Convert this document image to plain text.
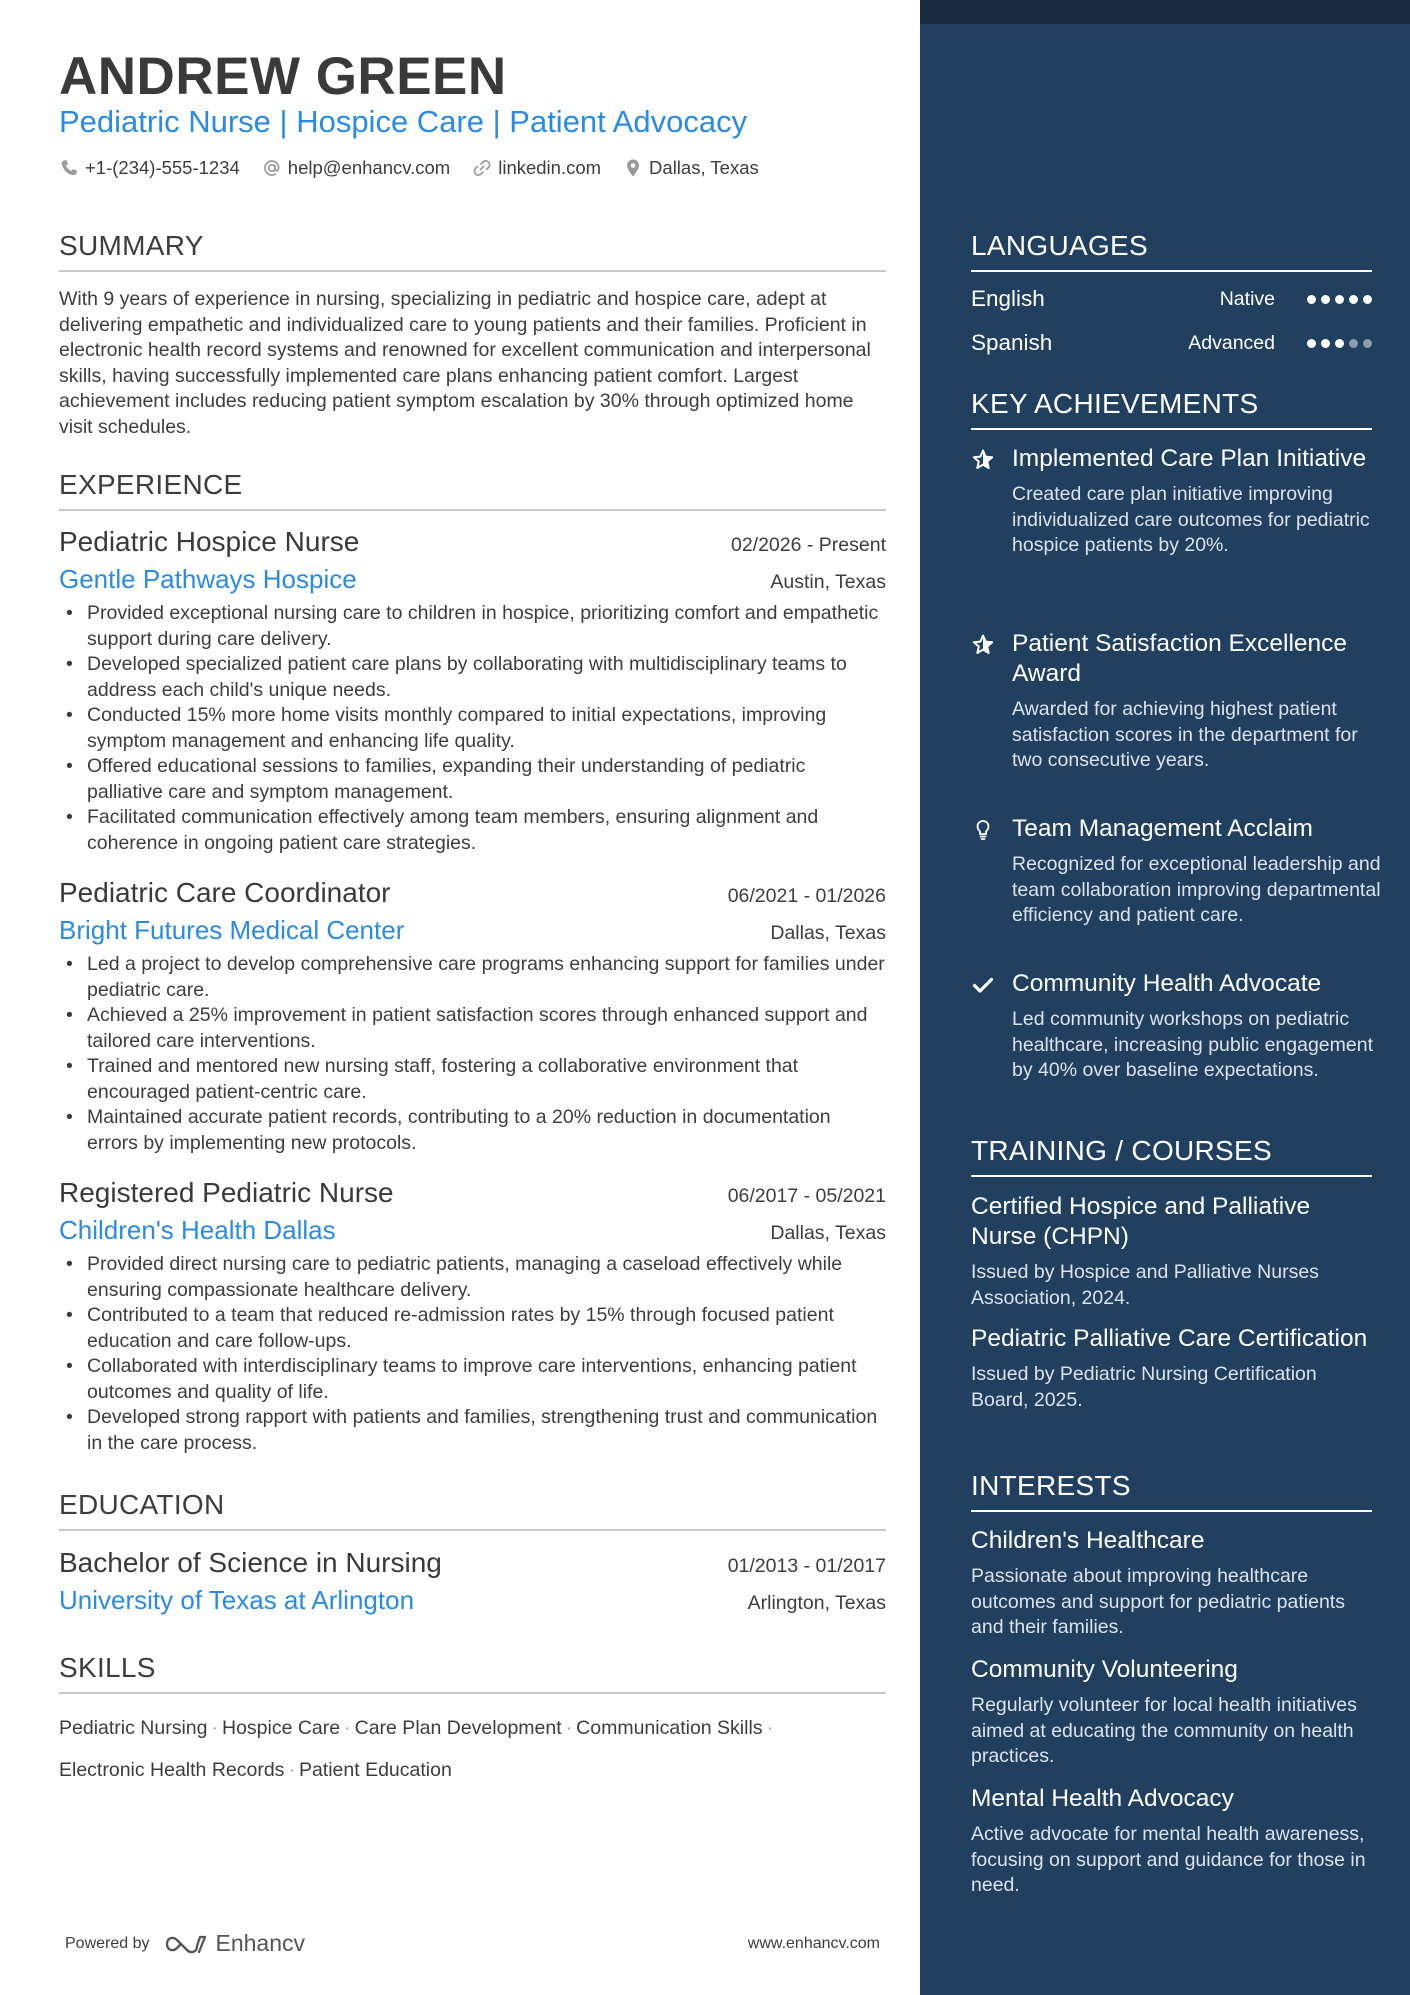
ANDREW GREEN
Pediatric Nurse | Hospice Care | Patient Advocacy
+1-(234)-555-1234	help@enhancv.com	linkedin.com	Dallas, Texas
SUMMARY
With 9 years of experience in nursing, specializing in pediatric and hospice care, adept at delivering empathetic and individualized care to young patients and their families. Proficient in electronic health record systems and renowned for excellent communication and interpersonal skills, having successfully implemented care plans enhancing patient comfort. Largest achievement includes reducing patient symptom escalation by 30% through optimized home visit schedules.
EXPERIENCE
Pediatric Hospice Nurse	02/2026 - Present
Gentle Pathways Hospice	Austin, Texas
• Provided exceptional nursing care to children in hospice, prioritizing comfort and empathetic support during care delivery.
• Developed specialized patient care plans by collaborating with multidisciplinary teams to address each child's unique needs.
• Conducted 15% more home visits monthly compared to initial expectations, improving symptom management and enhancing life quality.
• Offered educational sessions to families, expanding their understanding of pediatric palliative care and symptom management.
• Facilitated communication effectively among team members, ensuring alignment and coherence in ongoing patient care strategies.
Pediatric Care Coordinator	06/2021 - 01/2026
Bright Futures Medical Center	Dallas, Texas
• Led a project to develop comprehensive care programs enhancing support for families under pediatric care.
• Achieved a 25% improvement in patient satisfaction scores through enhanced support and tailored care interventions.
• Trained and mentored new nursing staff, fostering a collaborative environment that encouraged patient-centric care.
• Maintained accurate patient records, contributing to a 20% reduction in documentation errors by implementing new protocols.
Registered Pediatric Nurse	06/2017 - 05/2021
Children's Health Dallas	Dallas, Texas
• Provided direct nursing care to pediatric patients, managing a caseload effectively while ensuring compassionate healthcare delivery.
• Contributed to a team that reduced re-admission rates by 15% through focused patient education and care follow-ups.
• Collaborated with interdisciplinary teams to improve care interventions, enhancing patient outcomes and quality of life.
• Developed strong rapport with patients and families, strengthening trust and communication in the care process.
EDUCATION
Bachelor of Science in Nursing	01/2013 - 01/2017
University of Texas at Arlington	Arlington, Texas
SKILLS
Pediatric Nursing · Hospice Care · Care Plan Development · Communication Skills ·
Electronic Health Records · Patient Education
Powered by	Enhancv	www.enhancv.com
LANGUAGES
English	Native
Spanish	Advanced
KEY ACHIEVEMENTS
Implemented Care Plan Initiative
Created care plan initiative improving individualized care outcomes for pediatric hospice patients by 20%.
Patient Satisfaction Excellence Award
Awarded for achieving highest patient satisfaction scores in the department for two consecutive years.
Team Management Acclaim
Recognized for exceptional leadership and team collaboration improving departmental efficiency and patient care.
Community Health Advocate
Led community workshops on pediatric healthcare, increasing public engagement by 40% over baseline expectations.
TRAINING / COURSES
Certified Hospice and Palliative Nurse (CHPN)
Issued by Hospice and Palliative Nurses Association, 2024.
Pediatric Palliative Care Certification
Issued by Pediatric Nursing Certification Board, 2025.
INTERESTS
Children's Healthcare
Passionate about improving healthcare outcomes and support for pediatric patients and their families.
Community Volunteering
Regularly volunteer for local health initiatives aimed at educating the community on health practices.
Mental Health Advocacy
Active advocate for mental health awareness, focusing on support and guidance for those in need.
